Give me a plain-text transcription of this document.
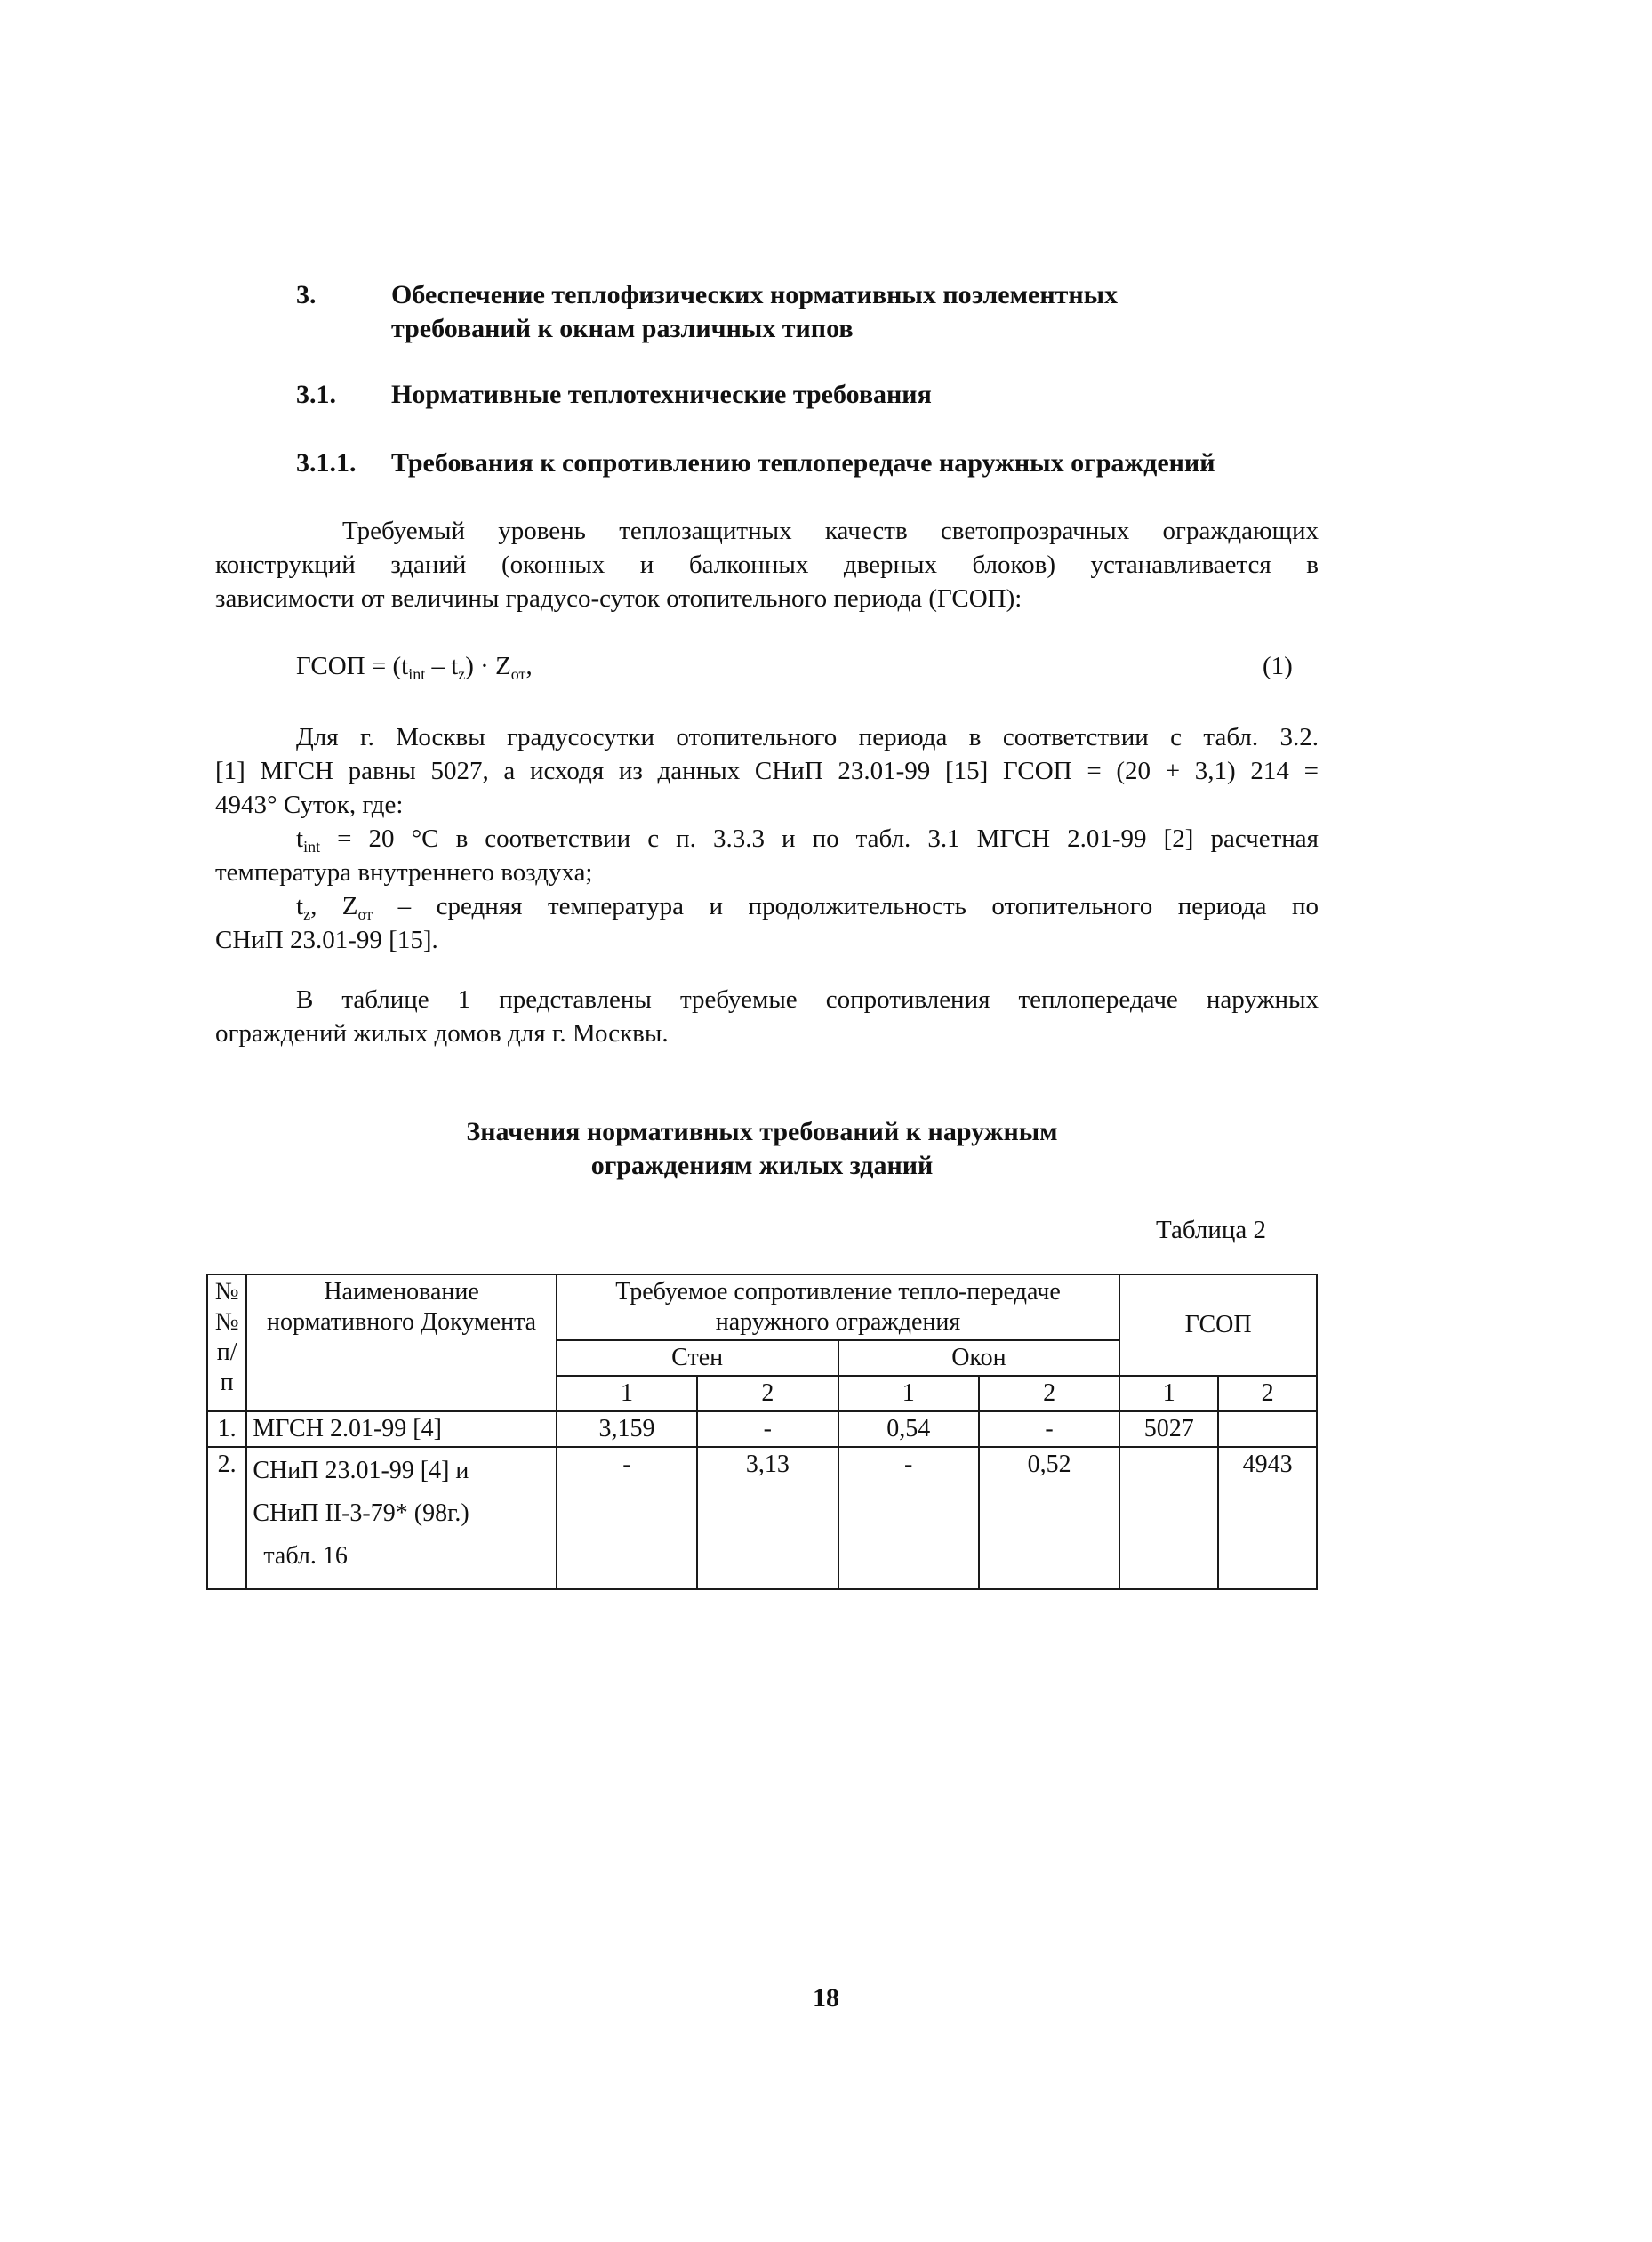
3.	Обеспечение теплофизических нормативных поэлементных
требований к окнам различных типов
3.1. Нормативные теплотехнические требования
3.1.1. Требования к сопротивлению теплопередаче наружных ограждений
Требуемый уровень теплозащитных качеств светопрозрачных ограждающих
конструкций зданий (оконных и балконных дверных блоков) устанавливается в
зависимости от величины градусо-суток отопительного периода (ГСОП):
ГСОП = $(t_{int} - t_z) \cdot Z_{от}$,	(1)
Для г. Москвы градусосутки отопительного периода в соответствии с табл. 3.2.
[1] МГСН равны 5027, а исходя из данных СНиП 23.01-99 [15] ГСОП = (20 + 3,1) 214 =
4943° Суток, где:
$t_{int} = 20$ °С в соответствии с п. 3.3.3 и по табл. 3.1 МГСН 2.01-99 [2] расчетная
температура внутреннего воздуха;
$t_z$, $Z_{от}$ – средняя температура и продолжительность отопительного периода по
СНиП 23.01-99 [15].
В таблице 1 представлены требуемые сопротивления теплопередаче наружных
ограждений жилых домов для г. Москвы.
Значения нормативных требований к наружным
ограждениям жилых зданий
Таблица 2
№№ п/п	Наименование нормативного Документа	Требуемое сопротивление тепло-передаче наружного ограждения				ГСОП	
		Стен		Окон			
		1	2	1	2	1	2
1.	МГСН 2.01-99 [4]	3,159	-	0,54	-	5027	
2.	СНиП 23.01-99 [4] и
СНиП II-3-79* (98г.)
табл. 16	-	3,13	-	0,52		4943
18
